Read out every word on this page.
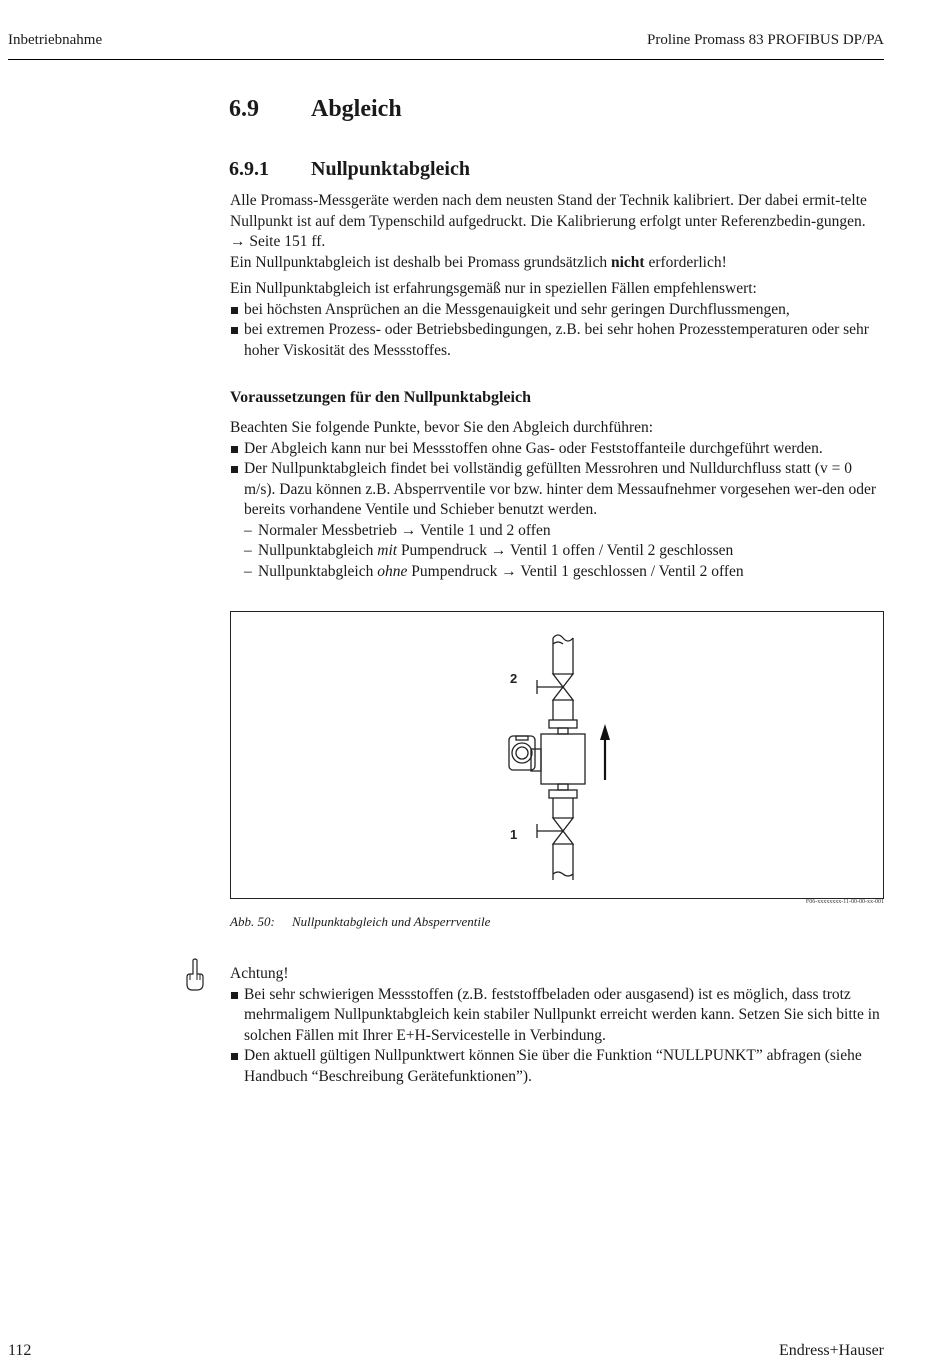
Inbetriebnahme	Proline Promass 83 PROFIBUS DP/PA
6.9 Abgleich
6.9.1 Nullpunktabgleich

Alle Promass-Messgeräte werden nach dem neusten Stand der Technik kalibriert. Der dabei ermit-telte Nullpunkt ist auf dem Typenschild aufgedruckt. Die Kalibrierung erfolgt unter Referenzbedin-gungen. → Seite 151 ff.

Ein Nullpunktabgleich ist deshalb bei Promass grundsätzlich nicht erforderlich!

Ein Nullpunktabgleich ist erfahrungsgemäß nur in speziellen Fällen empfehlenswert:

bei höchsten Ansprüchen an die Messgenauigkeit und sehr geringen Durchflussmengen,

bei extremen Prozess- oder Betriebsbedingungen, z.B. bei sehr hohen Prozesstemperaturen oder sehr hoher Viskosität des Messstoffes.

Voraussetzungen für den Nullpunktabgleich

Beachten Sie folgende Punkte, bevor Sie den Abgleich durchführen:

Der Abgleich kann nur bei Messstoffen ohne Gas- oder Feststoffanteile durchgeführt werden.

Der Nullpunktabgleich findet bei vollständig gefüllten Messrohren und Nulldurchfluss statt (v = 0 m/s). Dazu können z.B. Absperrventile vor bzw. hinter dem Messaufnehmer vorgesehen wer-den oder bereits vorhandene Ventile und Schieber benutzt werden.

– Normaler Messbetrieb → Ventile 1 und 2 offen

– Nullpunktabgleich mit Pumpendruck → Ventil 1 offen / Ventil 2 geschlossen

– Nullpunktabgleich ohne Pumpendruck → Ventil 1 geschlossen / Ventil 2 offen

2
1
F06-xxxxxxxx-11-00-00-xx-001
Abb. 50: Nullpunktabgleich und Absperrventile

Achtung!

Bei sehr schwierigen Messstoffen (z.B. feststoffbeladen oder ausgasend) ist es möglich, dass trotz mehrmaligem Nullpunktabgleich kein stabiler Nullpunkt erreicht werden kann. Setzen Sie sich bitte in solchen Fällen mit Ihrer E+H-Servicestelle in Verbindung.

Den aktuell gültigen Nullpunktwert können Sie über die Funktion “NULLPUNKT” abfragen (siehe Handbuch “Beschreibung Gerätefunktionen”).

112	Endress+Hauser
